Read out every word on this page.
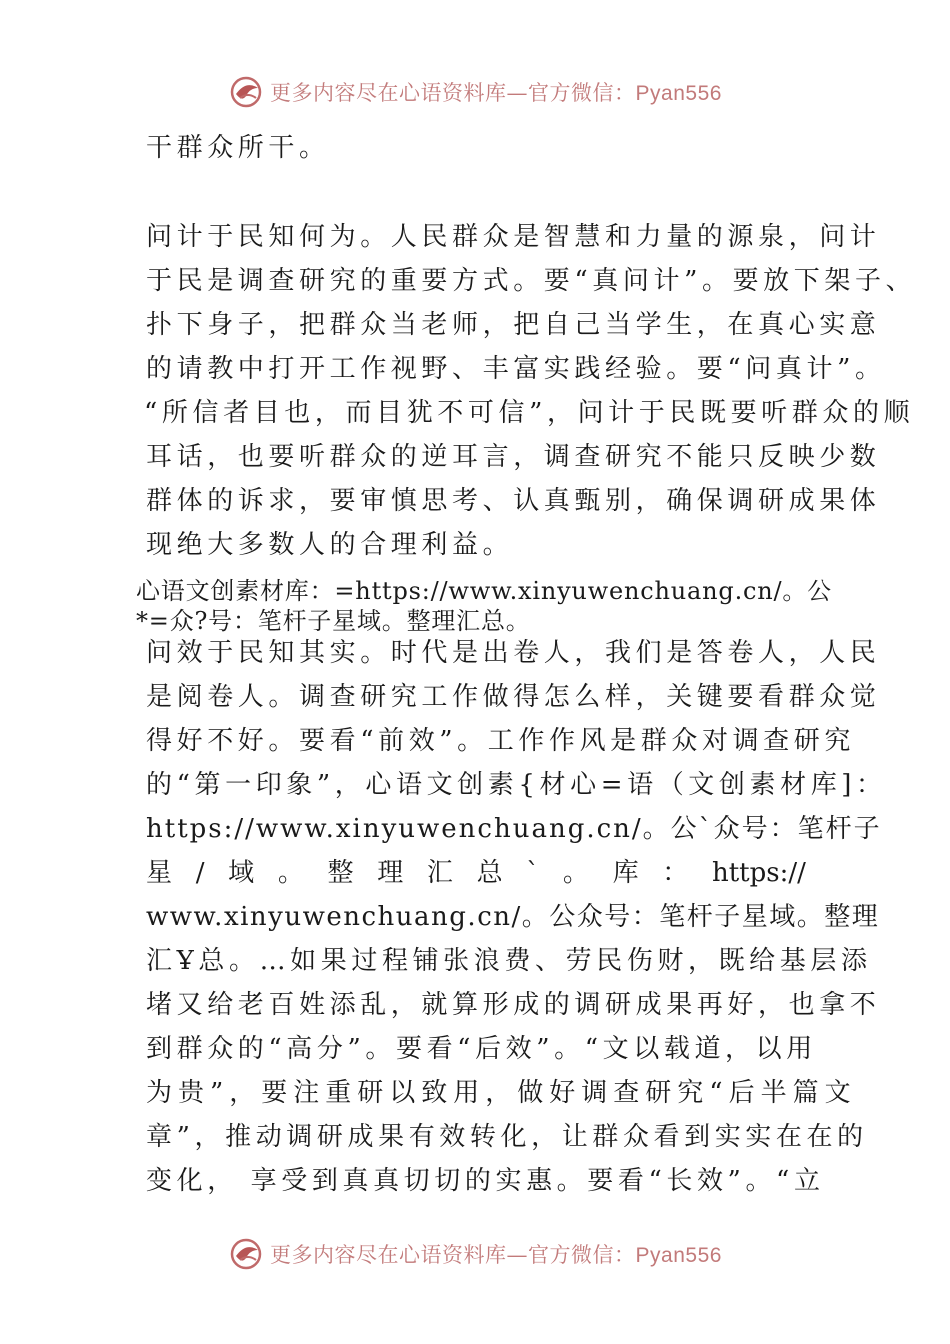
更多内容尽在心语资料库—官方微信：Pyan556
干群众所干。
问计于民知何为。人民群众是智慧和力量的源泉，问计
于民是调查研究的重要方式。要“真问计”。要放下架子、
扑下身子，把群众当老师，把自己当学生，在真心实意
的请教中打开工作视野、丰富实践经验。要“问真计”。
“所信者目也，而目犹不可信”，问计于民既要听群众的顺
耳话，也要听群众的逆耳言，调查研究不能只反映少数
群体的诉求，要审慎思考、认真甄别，确保调研成果体
现绝大多数人的合理利益。
心语文创素材库：=https://www.xinyuwenchuang.cn/。公
*=众?号：笔杆子星域。整理汇总。
问效于民知其实。时代是出卷人，我们是答卷人，人民
是阅卷人。调查研究工作做得怎么样，关键要看群众觉
得好不好。要看“前效”。工作作风是群众对调查研究
的“第一印象”，心语文创素{材心=语（文创素材库]：
https://www.xinyuwenchuang.cn/。公`众号：笔杆子
星 / 域 。 整 理 汇 总 ` 。 库 ： https://
www.xinyuwenchuang.cn/。公众号：笔杆子星域。整理
汇Ұ总。…如果过程铺张浪费、劳民伤财，既给基层添
堵又给老百姓添乱，就算形成的调研成果再好，也拿不
到群众的“高分”。要看“后效”。“文以载道，以用
为贵”，要注重研以致用，做好调查研究“后半篇文
章”，推动调研成果有效转化，让群众看到实实在在的
变化， 享受到真真切切的实惠。要看“长效”。“立
更多内容尽在心语资料库—官方微信：Pyan556
